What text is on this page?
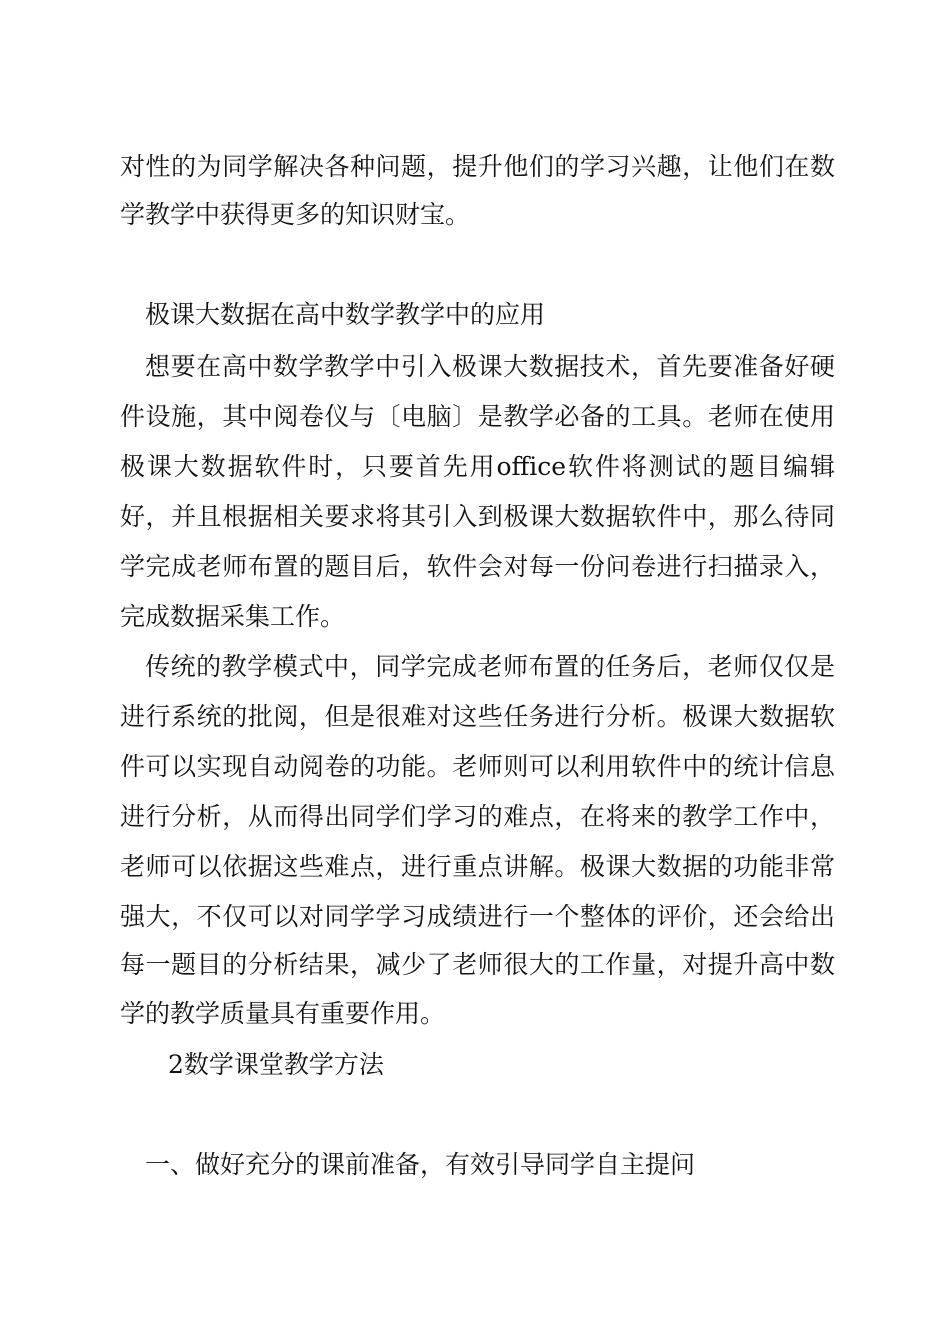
对性的为同学解决各种问题，提升他们的学习兴趣，让他们在数
学教学中获得更多的知识财宝。
极课大数据在高中数学教学中的应用
想要在高中数学教学中引入极课大数据技术，首先要准备好硬
件设施，其中阅卷仪与〔电脑〕是教学必备的工具。老师在使用
极课大数据软件时，只要首先用office软件将测试的题目编辑
好，并且根据相关要求将其引入到极课大数据软件中，那么待同
学完成老师布置的题目后，软件会对每一份问卷进行扫描录入，
完成数据采集工作。
传统的教学模式中，同学完成老师布置的任务后，老师仅仅是
进行系统的批阅，但是很难对这些任务进行分析。极课大数据软
件可以实现自动阅卷的功能。老师则可以利用软件中的统计信息
进行分析，从而得出同学们学习的难点，在将来的教学工作中，
老师可以依据这些难点，进行重点讲解。极课大数据的功能非常
强大，不仅可以对同学学习成绩进行一个整体的评价，还会给出
每一题目的分析结果，减少了老师很大的工作量，对提升高中数
学的教学质量具有重要作用。
2数学课堂教学方法
一、做好充分的课前准备，有效引导同学自主提问
